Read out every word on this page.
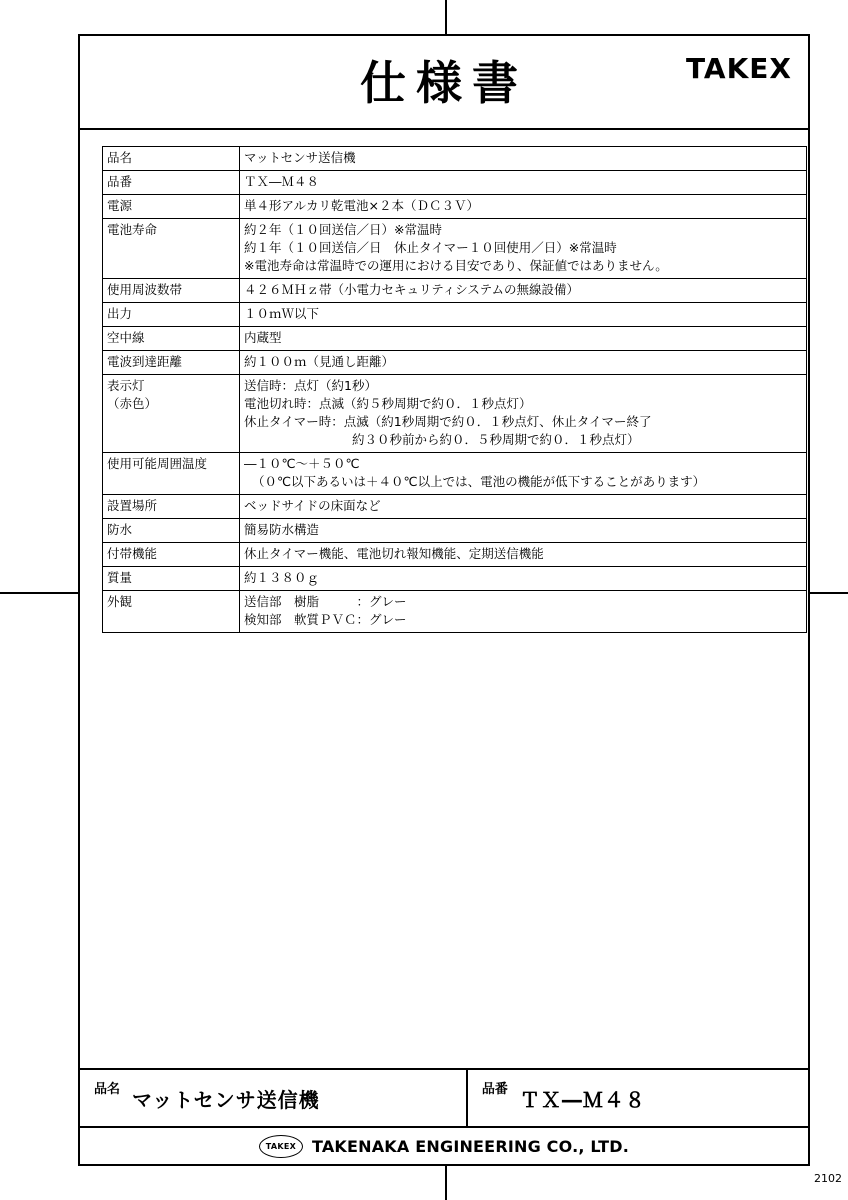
仕様書	TAKEX
品名	マットセンサ送信機

品番	ＴＸ―Ｍ４８

電源	単４形アルカリ乾電池×２本（ＤＣ３Ｖ）

電池寿命	約２年（１０回送信／日）※常温時
約１年（１０回送信／日　休止タイマー１０回使用／日）※常温時
※電池寿命は常温時での運用における目安であり、保証値ではありません。

使用周波数帯	４２６ＭＨｚ帯（小電力セキュリティシステムの無線設備）

出力	１０ｍＷ以下

空中線	内蔵型

電波到達距離	約１００ｍ（見通し距離）

表示灯
（赤色）	送信時：点灯（約1秒）
電池切れ時：点滅（約５秒周期で約０．１秒点灯）
休止タイマー時：点滅（約1秒周期で約０．１秒点灯、休止タイマー終了
約３０秒前から約０．５秒周期で約０．１秒点灯）

使用可能周囲温度	―１０℃～＋５０℃
（０℃以下あるいは＋４０℃以上では、電池の機能が低下することがあります）

設置場所	ベッドサイドの床面など

防水	簡易防水構造

付帯機能	休止タイマー機能、電池切れ報知機能、定期送信機能

質量	約１３８０ｇ

外観	送信部　樹脂　　　：グレー
検知部　軟質ＰＶＣ：グレー
品名 マットセンサ送信機	品番 ＴＸ―Ｍ４８
TAKEX TAKENAKA ENGINEERING CO., LTD.
2102
